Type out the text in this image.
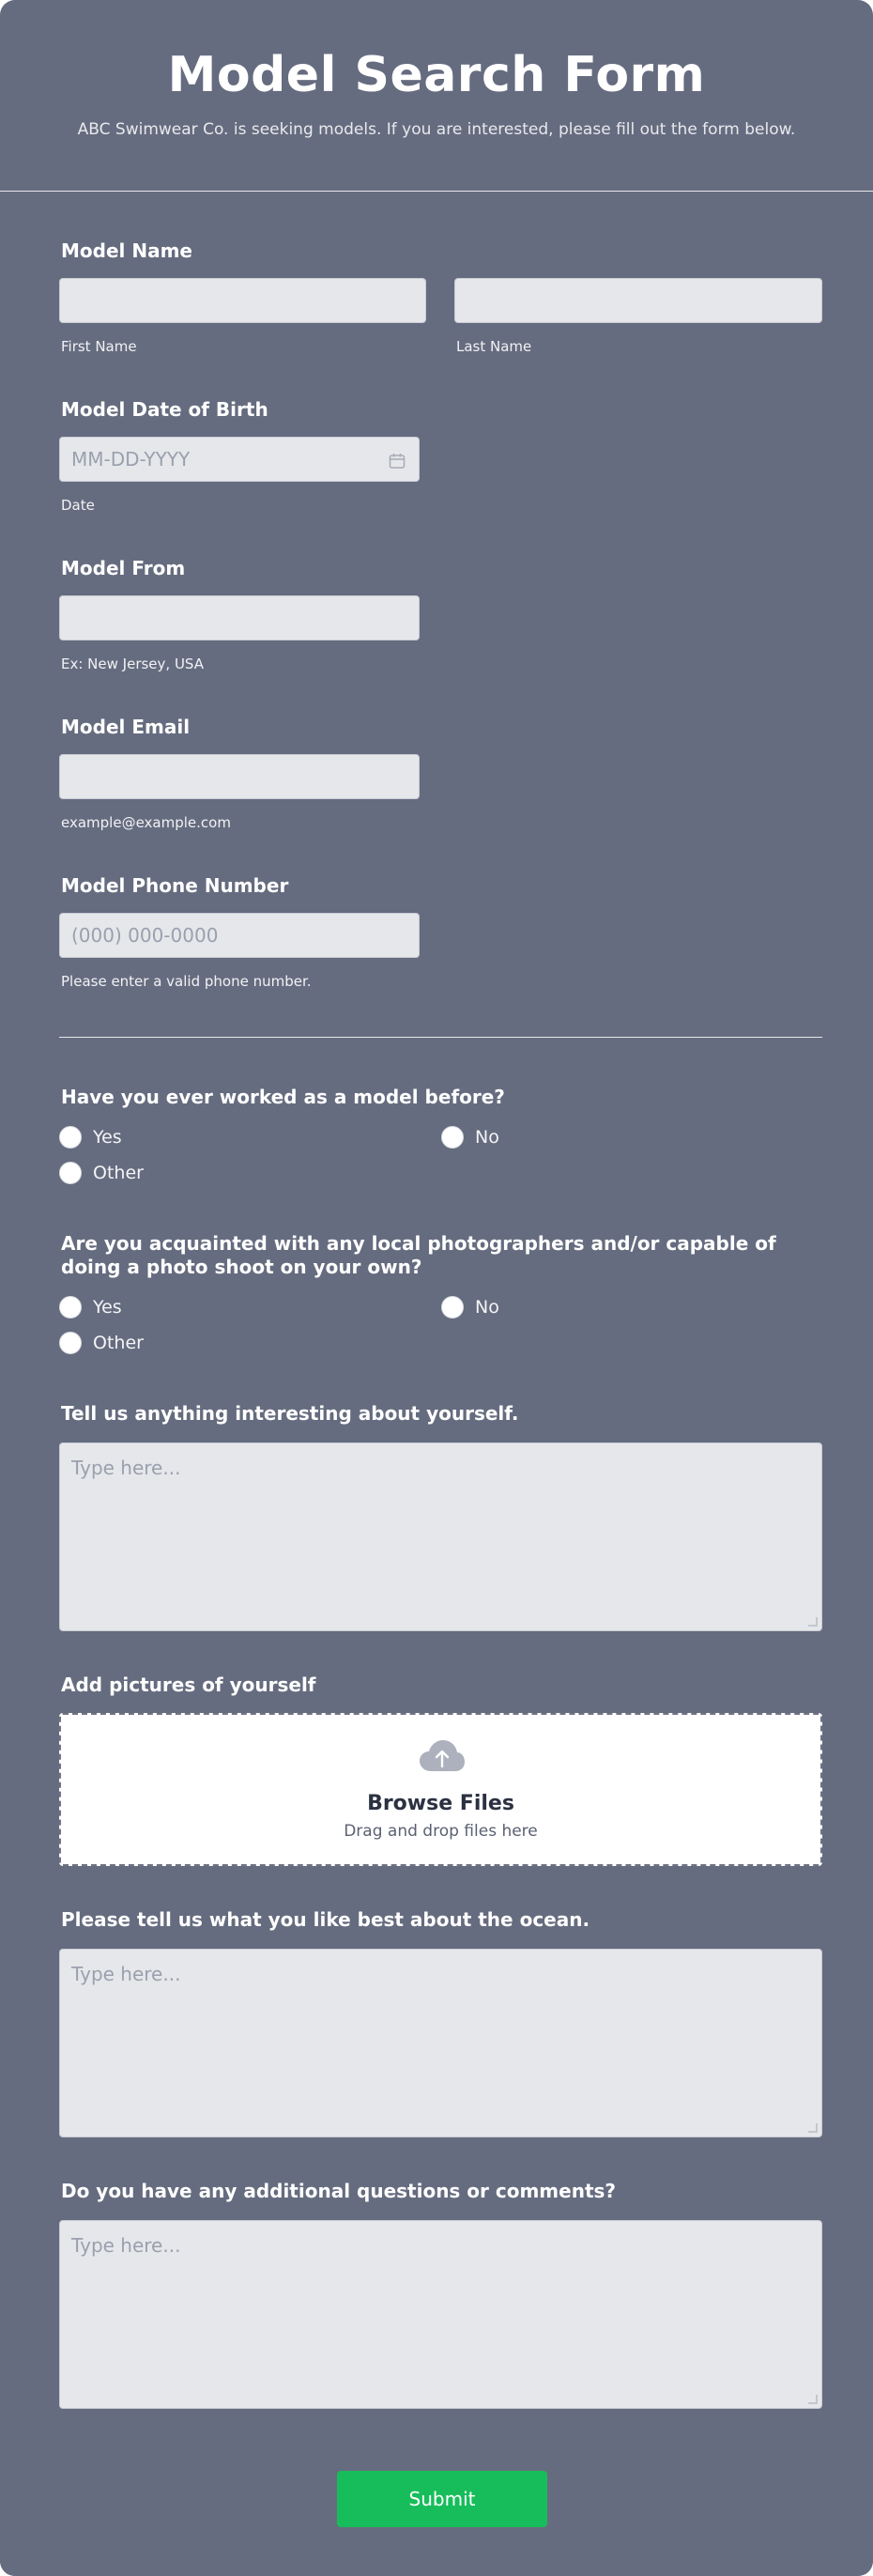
Model Search Form

ABC Swimwear Co. is seeking models. If you are interested, please fill out the form below.

Model Name
First Name	Last Name
Model Date of Birth
MM-DD-YYYY
Date
Model From
Ex: New Jersey, USA
Model Email
example@example.com
Model Phone Number
(000) 000-0000
Please enter a valid phone number.
Have you ever worked as a model before?
Yes	No
Other
Are you acquainted with any local photographers and/or capable of doing a photo shoot on your own?
Yes	No
Other
Tell us anything interesting about yourself.
Type here...
Add pictures of yourself
Browse Files
Drag and drop files here
Please tell us what you like best about the ocean.
Type here...
Do you have any additional questions or comments?
Type here...
Submit
